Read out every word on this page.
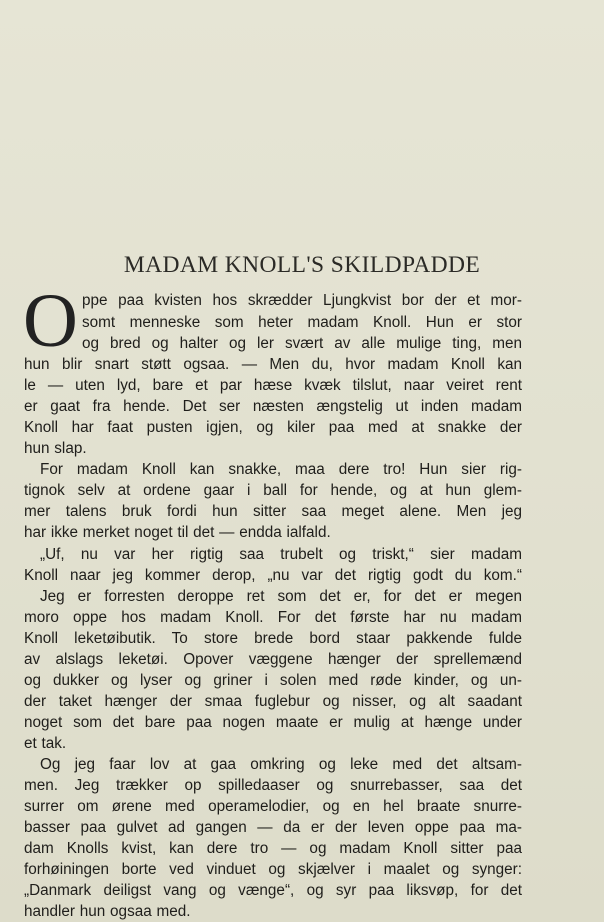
MADAM KNOLL'S SKILDPADDE
O ppe paa kvisten hos skrædder Ljungkvist bor der et mor-
somt menneske som heter madam Knoll. Hun er stor
og bred og halter og ler svært av alle mulige ting, men
hun blir snart støtt ogsaa. — Men du, hvor madam Knoll kan
le — uten lyd, bare et par hæse kvæk tilslut, naar veiret rent
er gaat fra hende. Det ser næsten ængstelig ut inden madam
Knoll har faat pusten igjen, og kiler paa med at snakke der
hun slap.
For madam Knoll kan snakke, maa dere tro! Hun sier rig-
tignok selv at ordene gaar i ball for hende, og at hun glem-
mer talens bruk fordi hun sitter saa meget alene. Men jeg
har ikke merket noget til det — endda ialfald.
„Uf, nu var her rigtig saa trubelt og triskt,“ sier madam
Knoll naar jeg kommer derop, „nu var det rigtig godt du kom.“
Jeg er forresten deroppe ret som det er, for det er megen
moro oppe hos madam Knoll. For det første har nu madam
Knoll leketøibutik. To store brede bord staar pakkende fulde
av alslags leketøi. Opover væggene hænger der sprellemænd
og dukker og lyser og griner i solen med røde kinder, og un-
der taket hænger der smaa fuglebur og nisser, og alt saadant
noget som det bare paa nogen maate er mulig at hænge under
et tak.
Og jeg faar lov at gaa omkring og leke med det altsam-
men. Jeg trækker op spilledaaser og snurrebasser, saa det
surrer om ørene med operamelodier, og en hel braate snurre-
basser paa gulvet ad gangen — da er der leven oppe paa ma-
dam Knolls kvist, kan dere tro — og madam Knoll sitter paa
forhøiningen borte ved vinduet og skjælver i maalet og synger:
„Danmark deiligst vang og vænge“, og syr paa liksvøp, for det
handler hun ogsaa med.
